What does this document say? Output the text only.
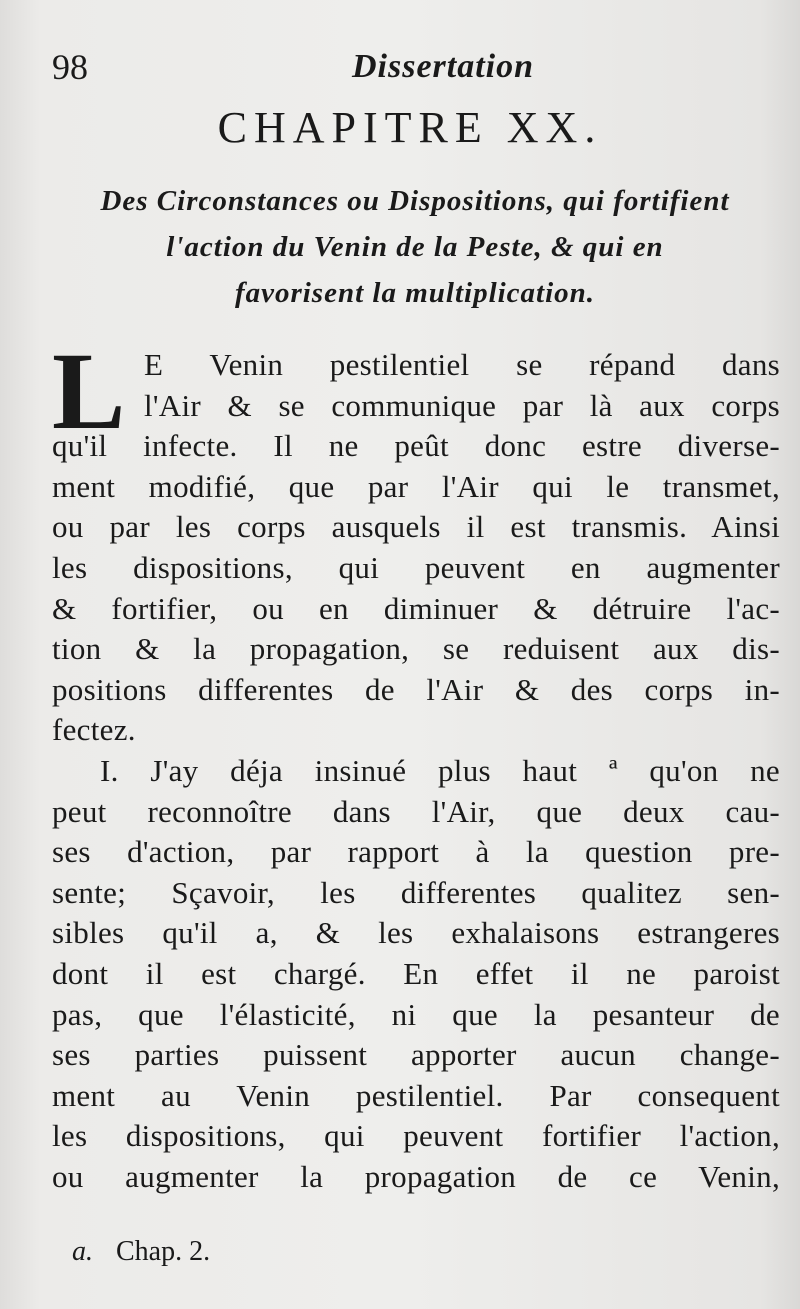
98	Dissertation
CHAPITRE XX.
Des Circonstances ou Dispositions, qui fortifient
l'action du Venin de la Peste, & qui en
favorisent la multiplication.
L E Venin pestilentiel se répand dans
l'Air & se communique par là aux corps
qu'il infecte. Il ne peût donc estre diverse-
ment modifié, que par l'Air qui le transmet,
ou par les corps ausquels il est transmis. Ainsi
les dispositions, qui peuvent en augmenter
& fortifier, ou en diminuer & détruire l'ac-
tion & la propagation, se reduisent aux dis-
positions differentes de l'Air & des corps in-
fectez.
I. J'ay déja insinué plus haut ª qu'on ne
peut reconnoître dans l'Air, que deux cau-
ses d'action, par rapport à la question pre-
sente; Sçavoir, les differentes qualitez sen-
sibles qu'il a, & les exhalaisons estrangeres
dont il est chargé. En effet il ne paroist
pas, que l'élasticité, ni que la pesanteur de
ses parties puissent apporter aucun change-
ment au Venin pestilentiel. Par consequent
les dispositions, qui peuvent fortifier l'action,
ou augmenter la propagation de ce Venin,
a. Chap. 2.
